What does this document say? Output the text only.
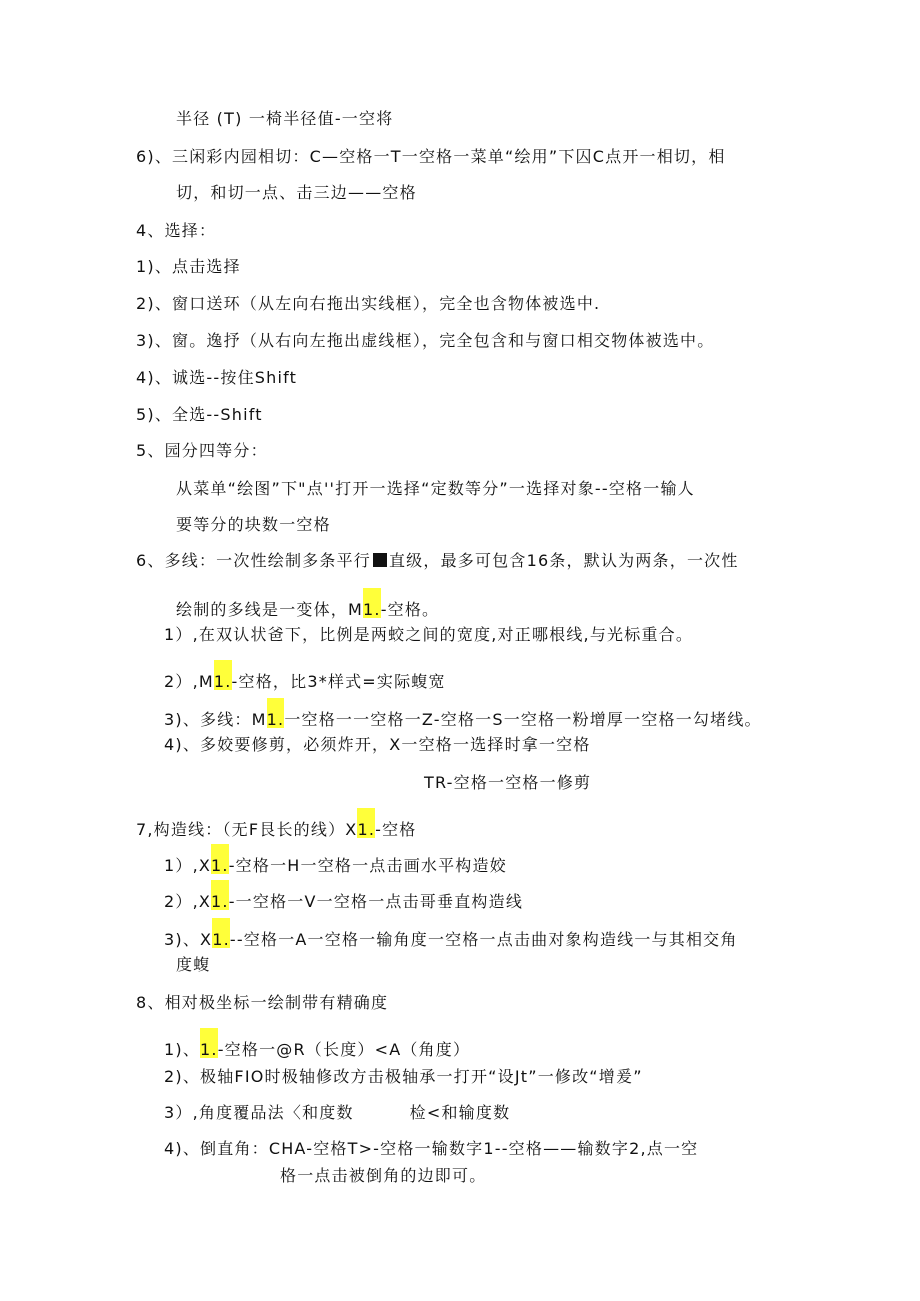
半径 (T) 一椅半径值-一空将
6)、三闲彩内园相切：C—空格一T一空格一菜单“绘用”下囚C点开一相切，相
切，和切一点、击三边——空格
4、选择：
1)、点击选择
2)、窗口送环（从左向右拖出实线框），完全也含物体被选中.
3)、窗。逸抒（从右向左拖出虚线框），完全包含和与窗口相交物体被选中。
4)、诚选--按住Shift
5)、全选--Shift
5、园分四等分：
从菜单“绘图”下"点''打开一选择“定数等分”一选择对象--空格一输人
要等分的块数一空格
6、多线：一次性绘制多条平行 直级，最多可包含16条，默认为两条，一次性
绘制的多线是一变体，M1.-空格。
1）,在双认状爸下，比例是两蛟之间的宽度,对正哪根线,与光标重合。
2）,M1.-空格，比3*样式=实际蝮宽
3)、多线：M1.一空格一一空格一Z-空格一S一空格一粉增厚一空格一勾堵线。
4)、多姣要修剪，必须炸开，X一空格一选择时拿一空格
TR-空格一空格一修剪
7,构造线：（无F艮长的线）X1.-空格
1）,X1.-空格一H一空格一点击画水平构造姣
2）,X1.-一空格一V一空格一点击哥垂直构造线
3)、X1.--空格一A一空格一输角度一空格一点击曲对象构造线一与其相交角
度蝮
8、相对极坐标一绘制带有精确度
1)、1.-空格一@R（长度）<A（角度）
2)、极轴FIO时极轴修改方击极轴承一打开“设Jt”一修改“增爰”
3）,角度覆品法〈和度数	检<和输度数
4)、倒直角：CHA-空格T>-空格一输数字1--空格——输数字2,点一空
格一点击被倒角的边即可。
